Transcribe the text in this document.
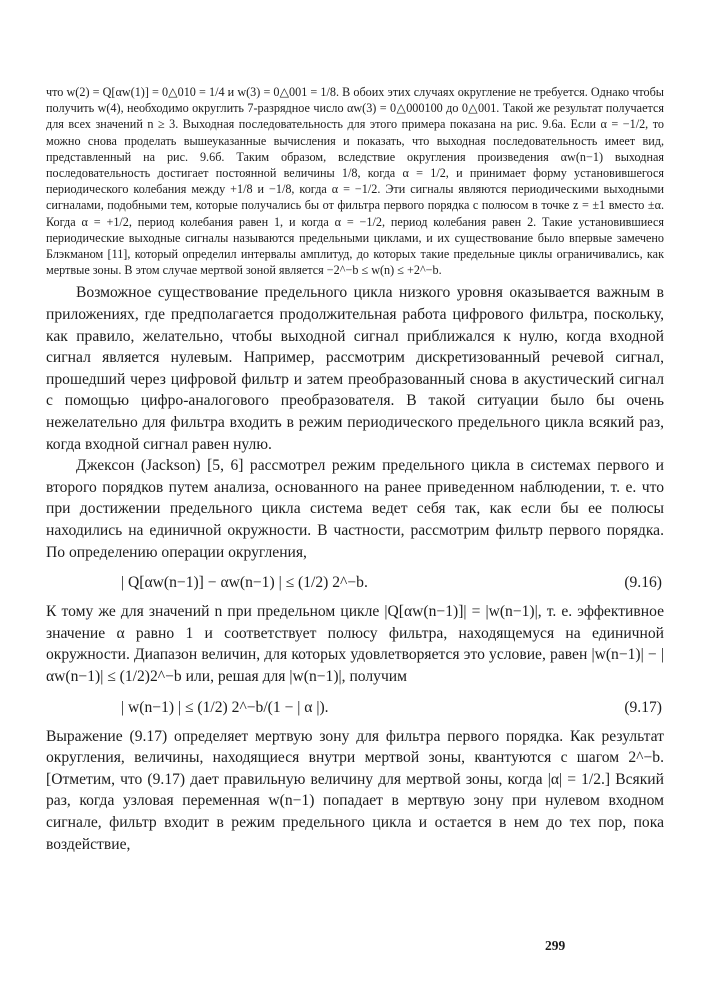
что w(2) = Q[αw(1)] = 0△010 = 1/4 и w(3) = 0△001 = 1/8. В обоих этих случаях округление не требуется. Однако чтобы получить w(4), необходимо округлить 7-разрядное число αw(3) = 0△000100 до 0△001. Такой же результат получается для всех значений n ≥ 3. Выходная последовательность для этого примера показана на рис. 9.6а. Если α = −1/2, то можно снова проделать вышеуказанные вычисления и показать, что выходная последовательность имеет вид, представленный на рис. 9.6б. Таким образом, вследствие округления произведения αw(n−1) выходная последовательность достигает постоянной величины 1/8, когда α = 1/2, и принимает форму установившегося периодического колебания между +1/8 и −1/8, когда α = −1/2. Эти сигналы являются периодическими выходными сигналами, подобными тем, которые получались бы от фильтра первого порядка с полюсом в точке z = ±1 вместо ±α. Когда α = +1/2, период колебания равен 1, и когда α = −1/2, период колебания равен 2. Такие установившиеся периодические выходные сигналы называются предельными циклами, и их существование было впервые замечено Блэкманом [11], который определил интервалы амплитуд, до которых такие предельные циклы ограничивались, как мертвые зоны. В этом случае мертвой зоной является −2^−b ≤ w(n) ≤ +2^−b.

Возможное существование предельного цикла низкого уровня оказывается важным в приложениях, где предполагается продолжительная работа цифрового фильтра, поскольку, как правило, желательно, чтобы выходной сигнал приближался к нулю, когда входной сигнал является нулевым. Например, рассмотрим дискретизованный речевой сигнал, прошедший через цифровой фильтр и затем преобразованный снова в акустический сигнал с помощью цифро-аналогового преобразователя. В такой ситуации было бы очень нежелательно для фильтра входить в режим периодического предельного цикла всякий раз, когда входной сигнал равен нулю.

Джексон (Jackson) [5, 6] рассмотрел режим предельного цикла в системах первого и второго порядков путем анализа, основанного на ранее приведенном наблюдении, т. е. что при достижении предельного цикла система ведет себя так, как если бы ее полюсы находились на единичной окружности. В частности, рассмотрим фильтр первого порядка. По определению операции округления,

| Q[αw(n−1)] − αw(n−1) | ≤ (1/2) 2^−b.	(9.16)

К тому же для значений n при предельном цикле |Q[αw(n−1)]| = |w(n−1)|, т. е. эффективное значение α равно 1 и соответствует полюсу фильтра, находящемуся на единичной окружности. Диапазон величин, для которых удовлетворяется это условие, равен |w(n−1)| − |αw(n−1)| ≤ (1/2)2^−b или, решая для |w(n−1)|, получим

| w(n−1) | ≤ (1/2) 2^−b/(1 − | α |).	(9.17)

Выражение (9.17) определяет мертвую зону для фильтра первого порядка. Как результат округления, величины, находящиеся внутри мертвой зоны, квантуются с шагом 2^−b. [Отметим, что (9.17) дает правильную величину для мертвой зоны, когда |α| = 1/2.] Всякий раз, когда узловая переменная w(n−1) попадает в мертвую зону при нулевом входном сигнале, фильтр входит в режим предельного цикла и остается в нем до тех пор, пока воздействие,

299
